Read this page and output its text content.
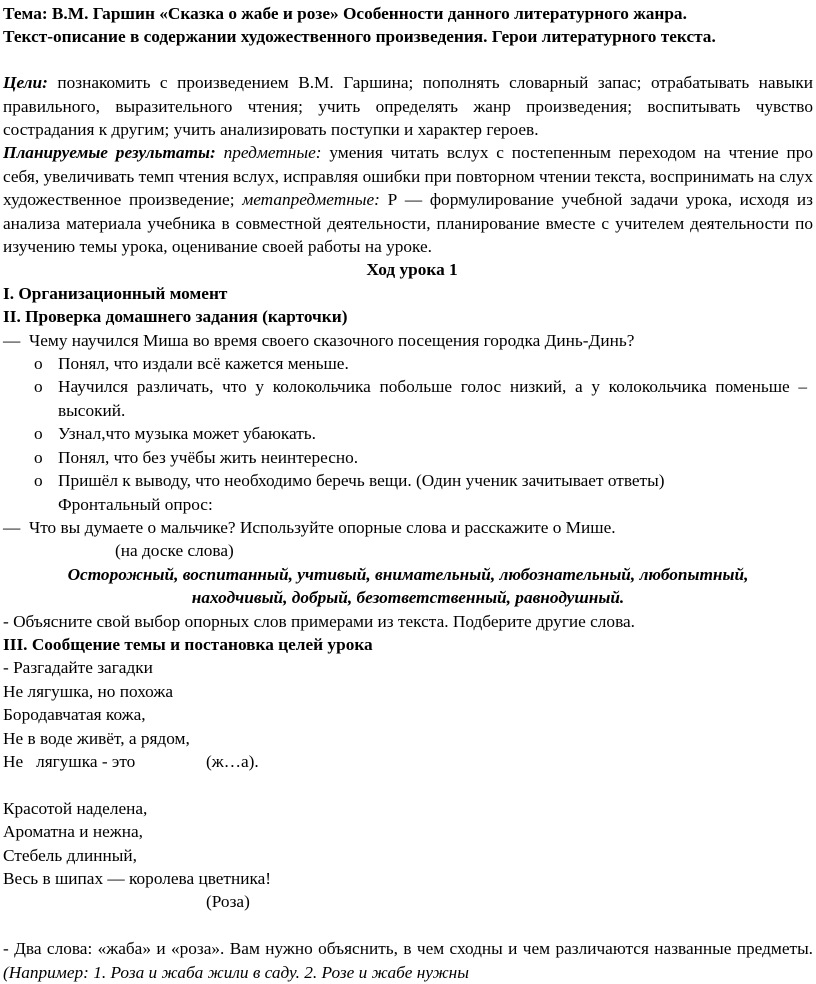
Тема: В.М. Гаршин «Сказка о жабе и розе» Особенности данного литературного жанра.

Текст-описание в содержании художественного произведения. Герои литературного текста.

Цели: познакомить с произведением В.М. Гаршина; пополнять словарный запас; отрабатывать навыки правильного, выразительного чтения; учить определять жанр произведения; воспитывать чувство сострадания к другим; учить анализировать поступки и характер героев.

Планируемые результаты: предметные: умения читать вслух с постепенным переходом на чтение про себя, увеличивать темп чтения вслух, исправляя ошибки при повторном чтении текста, воспринимать на слух художественное произведение; метапредметные: Р — формулирование учебной задачи урока, исходя из анализа материала учебника в совместной деятельности, планирование вместе с учителем деятельности по изучению темы урока, оценивание своей работы на уроке.

Ход урока 1

I. Организационный момент

II. Проверка домашнего задания (карточки)

— Чему научился Миша во время своего сказочного посещения городка Динь-Динь?
o Понял, что издали всё кажется меньше.
o Научился различать, что у колокольчика побольше голос низкий, а у колокольчика поменьше – высокий.
o Узнал,что музыка может убаюкать.
o Понял, что без учёбы жить неинтересно.
o Пришёл к выводу, что необходимо беречь вещи. (Один ученик зачитывает ответы)

Фронтальный опрос:

— Что вы думаете о мальчике? Используйте опорные слова и расскажите о Мише.

(на доске слова)

Осторожный, воспитанный, учтивый, внимательный, любознательный, любопытный,

находчивый, добрый, безответственный, равнодушный.

- Объясните свой выбор опорных слов примерами из текста. Подберите другие слова.

III. Сообщение темы и постановка целей урока

- Разгадайте загадки

Не лягушка, но похожа

Бородавчатая кожа,

Не в воде живёт, а рядом,

Не   лягушка - это	(ж…а).

Красотой наделена,

Ароматна и нежна,

Стебель длинный,

Весь в шипах — королева цветника!

(Роза)

- Два слова: «жаба» и «роза». Вам нужно объяснить, в чем сходны и чем различаются названные предметы. (Например: 1. Роза и жаба жили в саду. 2. Розе и жабе нужны
